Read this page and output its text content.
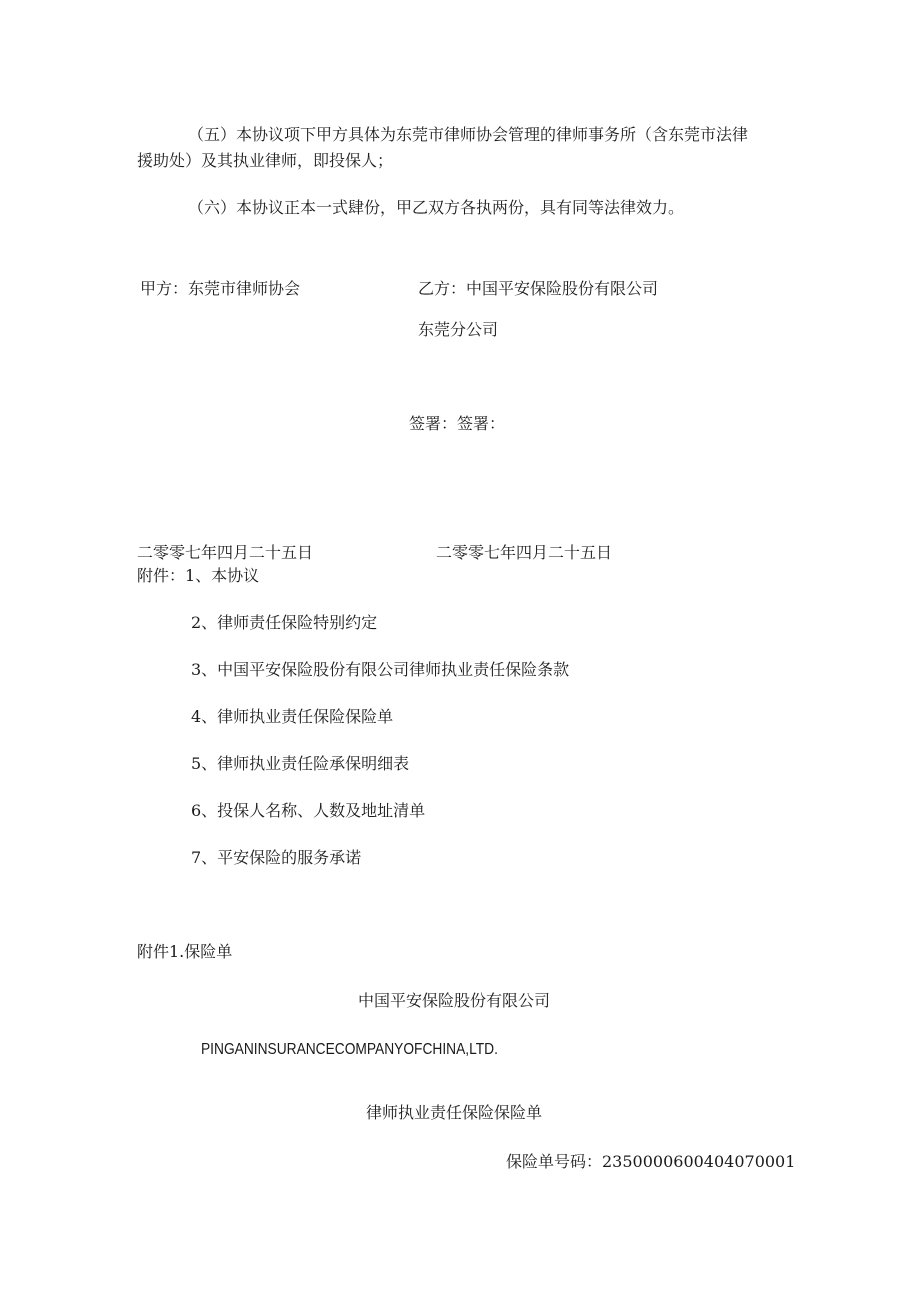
（五）本协议项下甲方具体为东莞市律师协会管理的律师事务所（含东莞市法律

援助处）及其执业律师，即投保人；

（六）本协议正本一式肆份，甲乙双方各执两份，具有同等法律效力。

甲方：东莞市律师协会	乙方：中国平安保险股份有限公司

东莞分公司

签署：签署：

二零零七年四月二十五日	二零零七年四月二十五日

附件：1、本协议

2、律师责任保险特别约定

3、中国平安保险股份有限公司律师执业责任保险条款

4、律师执业责任保险保险单

5、律师执业责任险承保明细表

6、投保人名称、人数及地址清单

7、平安保险的服务承诺

附件1.保险单

中国平安保险股份有限公司

PINGANINSURANCECOMPANYOFCHINA,LTD.

律师执业责任保险保险单

保险单号码：2350000600404070001
